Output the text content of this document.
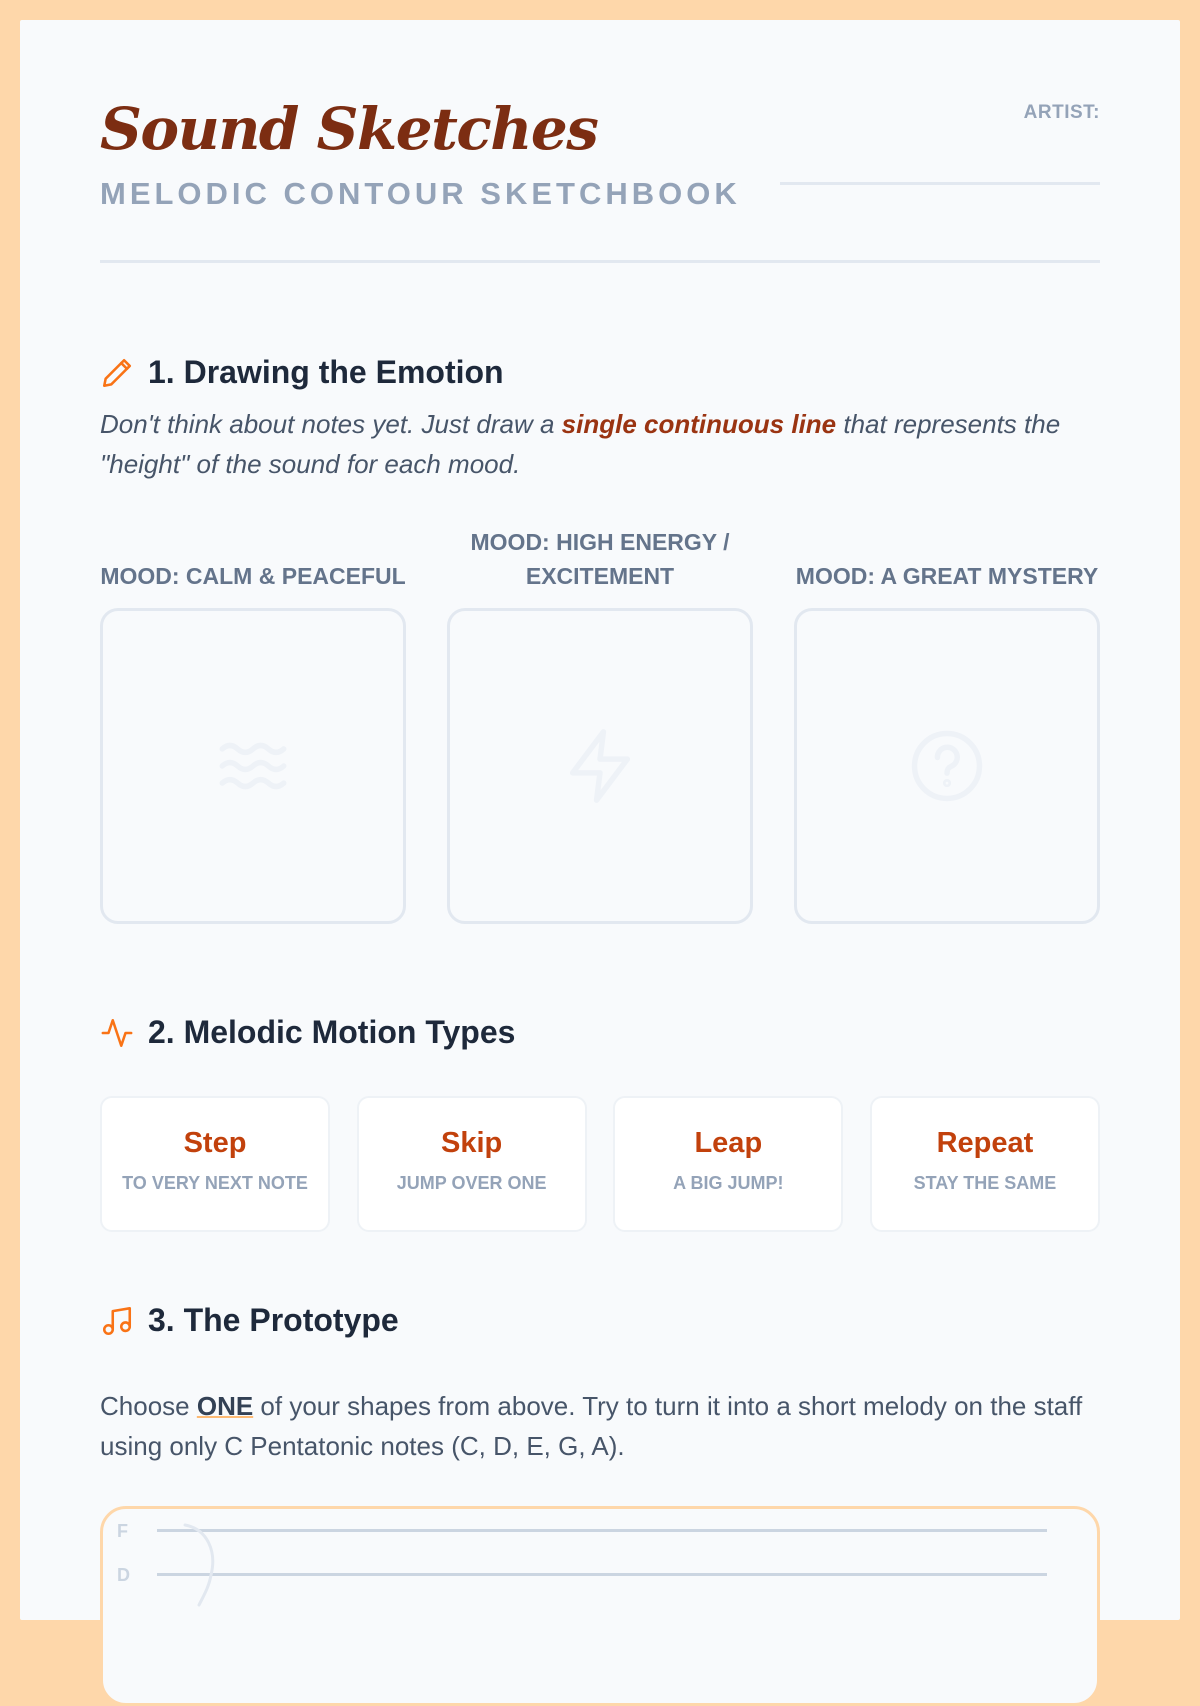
Sound Sketches
MELODIC CONTOUR SKETCHBOOK
ARTIST:
1. Drawing the Emotion
Don't think about notes yet. Just draw a single continuous line that represents the "height" of the sound for each mood.
MOOD: CALM & PEACEFUL
MOOD: HIGH ENERGY / EXCITEMENT	MOOD: A GREAT MYSTERY
2. Melodic Motion Types
Step
TO VERY NEXT NOTE
Skip
JUMP OVER ONE
Leap
A BIG JUMP!
Repeat
STAY THE SAME
3. The Prototype
Choose ONE of your shapes from above. Try to turn it into a short melody on the staff using only C Pentatonic notes (C, D, E, G, A).
F
D
